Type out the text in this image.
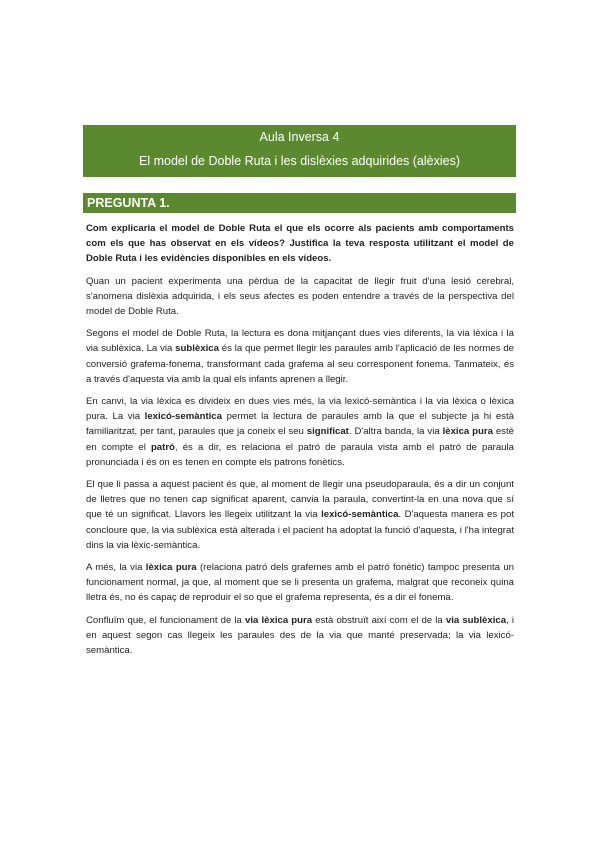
Aula Inversa 4
El model de Doble Ruta i les dislèxies adquirides (alèxies)
PREGUNTA 1.

Com explicaria el model de Doble Ruta el que els ocorre als pacients amb comportaments com els que has observat en els vídeos? Justifica la teva resposta utilitzant el model de Doble Ruta i les evidències disponibles en els vídeos.

Quan un pacient experimenta una pèrdua de la capacitat de llegir fruit d'una lesió cerebral, s'anomena dislèxia adquirida, i els seus afectes es poden entendre a través de la perspectiva del model de Doble Ruta.

Segons el model de Doble Ruta, la lectura es dona mitjançant dues vies diferents, la via lèxica i la via sublèxica. La via sublèxica és la que permet llegir les paraules amb l'aplicació de les normes de conversió grafema-fonema, transformant cada grafema al seu corresponent fonema. Tanmateix, és a través d'aquesta via amb la qual els infants aprenen a llegir.

En canvi, la via lèxica es divideix en dues vies més, la via lexicó-semàntica i la via lèxica o lèxica pura. La via lexicó-semàntica permet la lectura de paraules amb la que el subjecte ja hi està familiaritzat, per tant, paraules que ja coneix el seu significat. D'altra banda, la via lèxica pura esté en compte el patró, és a dir, es relaciona el patró de paraula vista amb el patró de paraula pronunciada i és on es tenen en compte els patrons fonètics.

El que li passa a aquest pacient és que, al moment de llegir una pseudoparaula, és a dir un conjunt de lletres que no tenen cap significat aparent, canvia la paraula, convertint-la en una nova que sí que té un significat. Llavors les llegeix utilitzant la via lexicó-semàntica. D'aquesta manera es pot concloure que, la via sublèxica està alterada i el pacient ha adoptat la funció d'aquesta, i l'ha integrat dins la via lèxic-semàntica.

A més, la via lèxica pura (relaciona patró dels grafemes amb el patró fonètic) tampoc presenta un funcionament normal, ja que, al moment que se li presenta un grafema, malgrat que reconeix quina lletra és, no és capaç de reproduir el so que el grafema representa, és a dir el fonema.

Confluïm que, el funcionament de la via lèxica pura està obstruït així com el de la via sublèxica, i en aquest segon cas llegeix les paraules des de la via que manté preservada; la via lexicó-semàntica.
